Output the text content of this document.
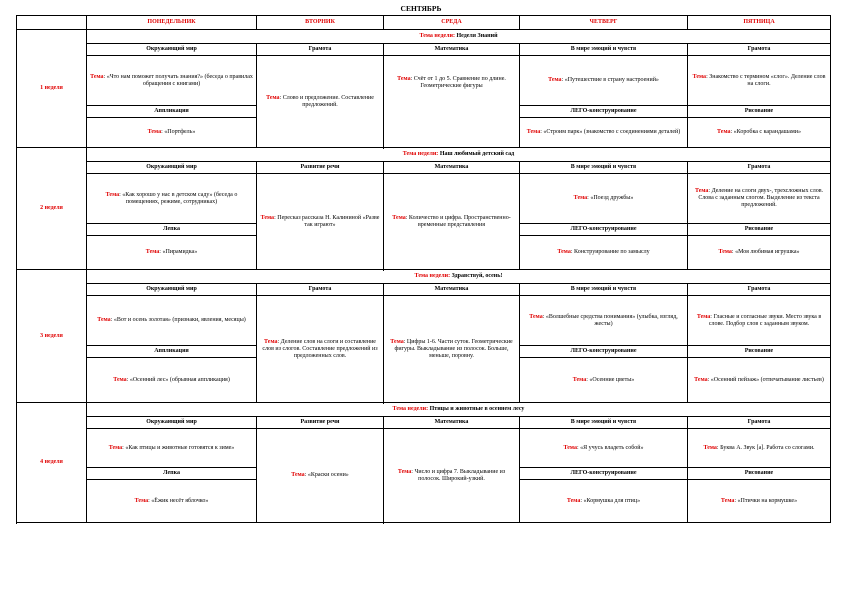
СЕНТЯБРЬ
	ПОНЕДЕЛЬНИК	ВТОРНИК	СРЕДА	ЧЕТВЕРГ	ПЯТНИЦА
1 неделя	Тема недели: Неделя Знаний				
	Окружающий мир	Грамота	Математика	В мире эмоций и чувств	Грамота
	Тема: «Что нам поможет получать знания?» (беседа о правилах обращения с книгами)	Тема: Слово и предложение. Составление предложений.	Тема: Счёт от 1 до 5. Сравнение по длине. Геометрические фигуры	Тема: «Путешествие в страну настроений»	Тема: Знакомство с термином «слог». Деление слов на слоги.
	Аппликация			ЛЕГО-конструирование	Рисование
	Тема: «Портфель»			Тема: «Строим парк» (знакомство с соединениями деталей)	Тема: «Коробка с карандашами»

2 неделя	Тема недели: Наш любимый детский сад				
	Окружающий мир	Развитие речи	Математика	В мире эмоций и чувств	Грамота
	Тема: «Как хорошо у нас в детском саду» (беседа о помещениях, режиме, сотрудниках)	Тема: Пересказ рассказа Н. Калининой «Разве так играют»	Тема: Количество и цифра. Пространственно-временные представления	Тема: «Поезд дружбы»	Тема: Деление на слоги двух-, трехсложных слов. Слова с заданным слогом. Выделение из текста предложений.
	Лепка			ЛЕГО-конструирование	Рисование
	Тема: «Пирамидка»			Тема: Конструирование по замыслу	Тема: «Моя любимая игрушка»

3 неделя	Тема недели: Здравствуй, осень!				
	Окружающий мир	Грамота	Математика	В мире эмоций и чувств	Грамота
	Тема: «Вот и осень золотая» (признаки, явления, месяцы)	Тема: Деление слов на слоги и составление слов из слогов. Составление предложений из предложенных слов.	Тема: Цифры 1-6. Части суток. Геометрические фигуры. Выкладывание из полосок. Больше, меньше, поровну.	Тема: «Волшебные средства понимания» (улыбка, взгляд, жесты)	Тема: Гласные и согласные звуки. Место звука в слове. Подбор слов с заданным звуком.
	Аппликация			ЛЕГО-конструирование	Рисование
	Тема: «Осенний лес» (обрывная аппликация)			Тема: «Осенние цветы»	Тема: «Осенний пейзаж» (отпечатывание листьев)

4 неделя	Тема недели: Птицы и животные в осеннем лесу				
	Окружающий мир	Развитие речи	Математика	В мире эмоций и чувств	Грамота
	Тема: «Как птицы и животные готовятся к зиме»	Тема: «Краски осени»	Тема: Число и цифра 7. Выкладывание из полосок. Широкий-узкий.	Тема: «Я учусь владеть собой»	Тема: Буква А. Звук [а]. Работа со слогами.
	Лепка			ЛЕГО-конструирование	Рисование
	Тема: «Ёжик несёт яблочко»			Тема: «Кормушка для птиц»	Тема: «Птички на кормушке»
